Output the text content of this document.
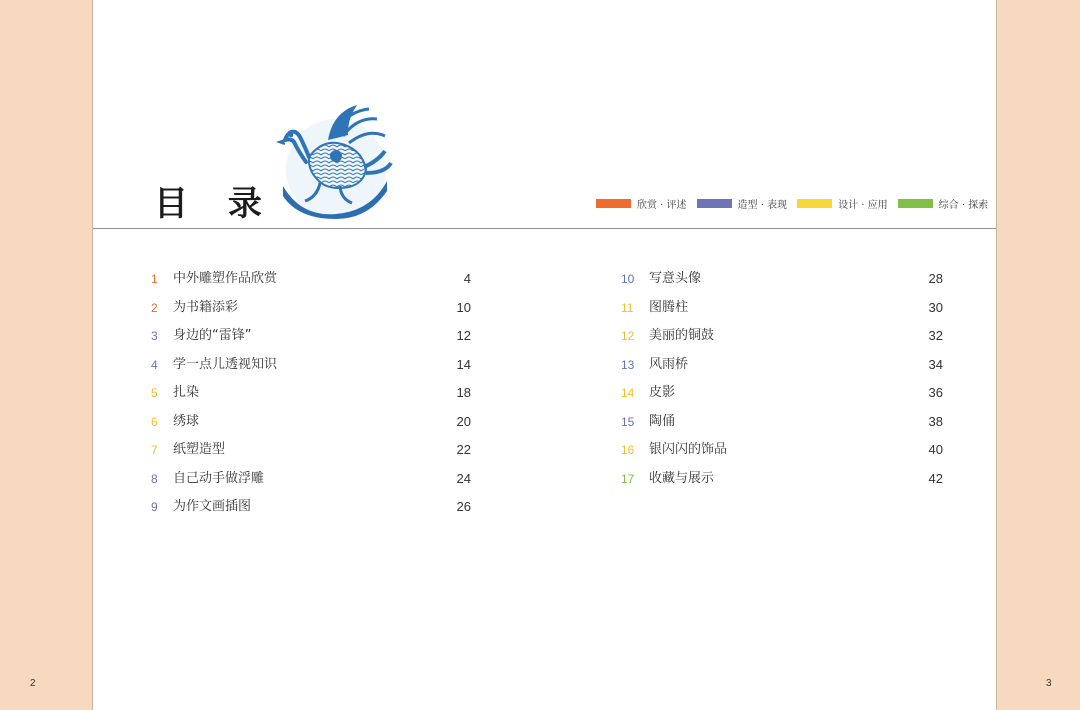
2	3
目 录	欣赏 · 评述	造型 · 表现	设计 · 应用	综合 · 探索
1	中外雕塑作品欣赏	4
2	为书籍添彩	10
3	身边的“雷锋”	12
4	学一点儿透视知识	14
5	扎染	18
6	绣球	20
7	纸塑造型	22
8	自己动手做浮雕	24
9	为作文画插图	26
10	写意头像	28
11	图腾柱	30
12	美丽的铜鼓	32
13	风雨桥	34
14	皮影	36
15	陶俑	38
16	银闪闪的饰品	40
17	收藏与展示	42
